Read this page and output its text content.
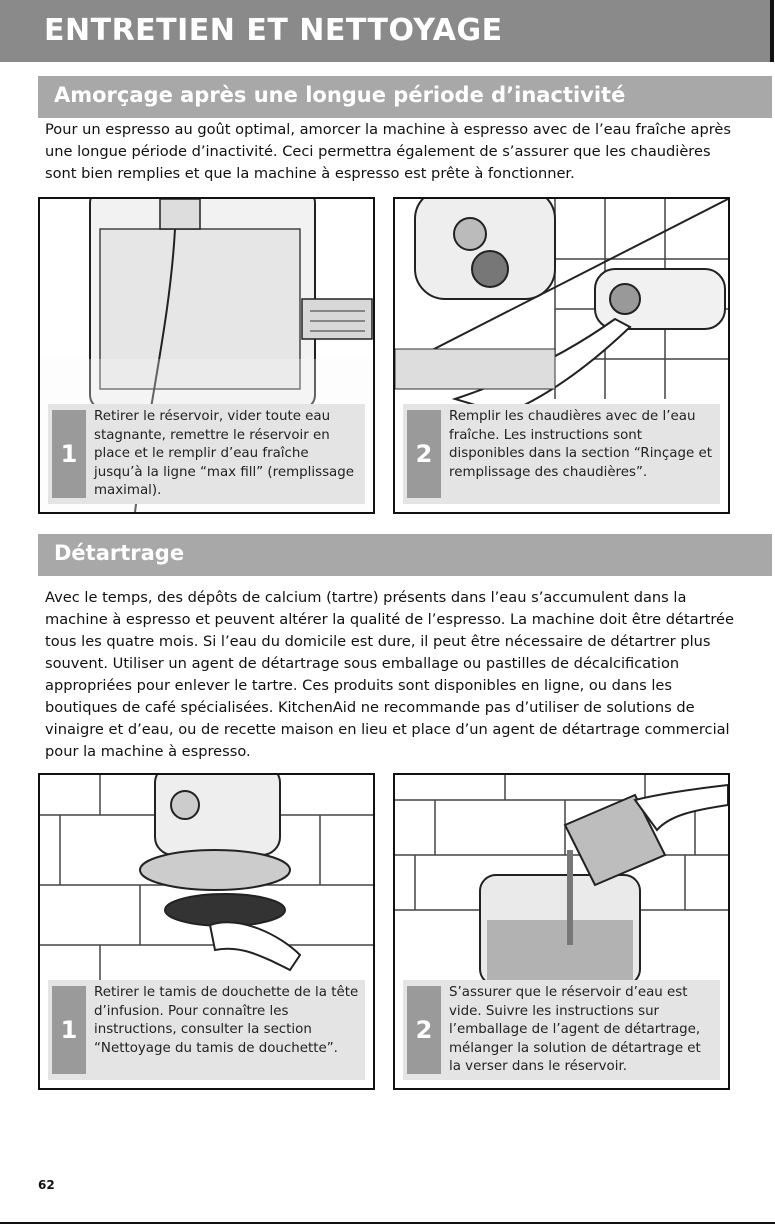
ENTRETIEN ET NETTOYAGE
Amorçage après une longue période d’inactivité

Pour un espresso au goût optimal, amorcer la machine à espresso avec de l’eau fraîche après une longue période d’inactivité. Ceci permettra également de s’assurer que les chaudières sont bien remplies et que la machine à espresso est prête à fonctionner.

1
Retirer le réservoir, vider toute eau stagnante, remettre le réservoir en place et le remplir d’eau fraîche jusqu’à la ligne “max fill” (remplissage maximal).
2
Remplir les chaudières avec de l’eau fraîche. Les instructions sont disponibles dans la section “Rinçage et remplissage des chaudières”.
Détartrage

Avec le temps, des dépôts de calcium (tartre) présents dans l’eau s’accumulent dans la machine à espresso et peuvent altérer la qualité de l’espresso. La machine doit être détartrée tous les quatre mois. Si l’eau du domicile est dure, il peut être nécessaire de détartrer plus souvent. Utiliser un agent de détartrage sous emballage ou pastilles de décalcification appropriées pour enlever le tartre. Ces produits sont disponibles en ligne, ou dans les boutiques de café spécialisées. KitchenAid ne recommande pas d’utiliser de solutions de vinaigre et d’eau, ou de recette maison en lieu et place d’un agent de détartrage commercial pour la machine à espresso.

1
Retirer le tamis de douchette de la tête d’infusion. Pour connaître les instructions, consulter la section “Nettoyage du tamis de douchette”.
2
S’assurer que le réservoir d’eau est vide. Suivre les instructions sur l’emballage de l’agent de détartrage, mélanger la solution de détartrage et la verser dans le réservoir.
62
